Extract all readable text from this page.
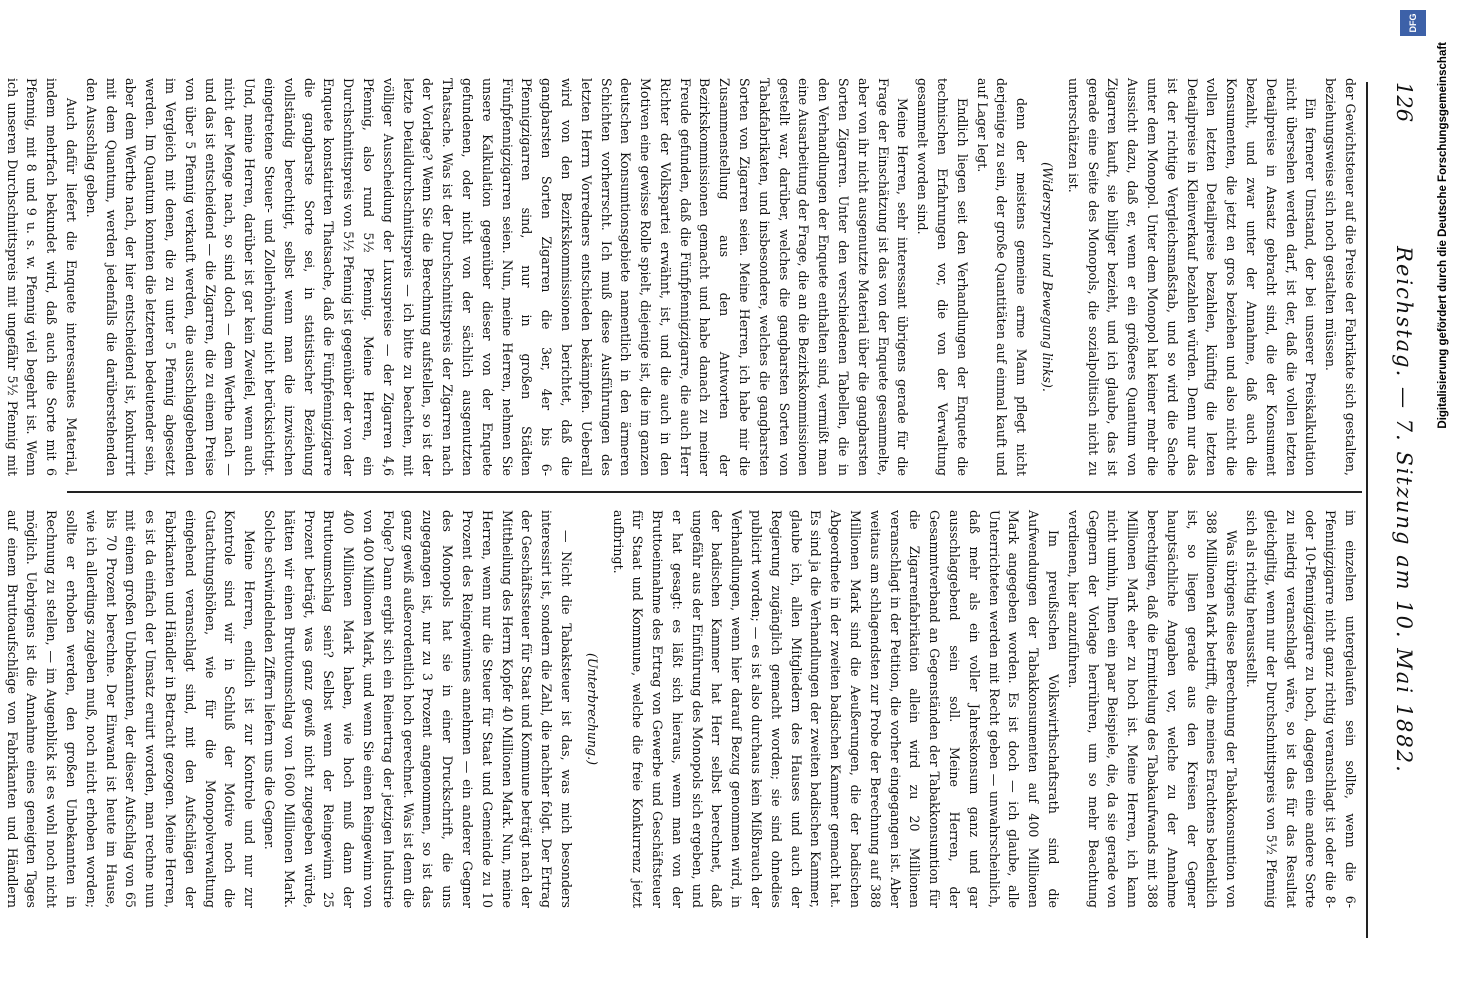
126
Reichstag. — 7. Sitzung am 10. Mai 1882.

der Gewichtsteuer auf die Preise der Fabrikate sich gestalten, beziehungsweise sich noch gestalten müssen.

Ein fernerer Umstand, der bei unserer Preiskalkulation nicht übersehen werden darf, ist der, daß die vollen letzten Detailpreise in Ansatz gebracht sind, die der Konsument bezahlt, und zwar unter der Annahme, daß auch die Konsumenten, die jetzt en gros beziehen und also nicht die vollen letzten Detailpreise bezahlen, künftig die letzten Detailpreise in Kleinverkauf bezahlen würden. Denn nur das ist der richtige Vergleichsmaßstab, und so wird die Sache unter dem Monopol. Unter dem Monopol hat keiner mehr die Aussicht dazu, daß er, wenn er ein größeres Quantum von Zigarren kauft, sie billiger bezieht, und ich glaube, das ist gerade eine Seite des Monopols, die sozialpolitisch nicht zu unterschätzen ist.

(Widerspruch und Bewegung links).

denn der meistens gemeine arme Mann pflegt nicht derjenige zu sein, der große Quantitäten auf einmal kauft und auf Lager legt.

Endlich liegen seit den Verhandlungen der Enquete die technischen Erfahrungen vor, die von der Verwaltung gesammelt worden sind.

Meine Herren, sehr interessant übrigens gerade für die Frage der Einschätzung ist das von der Enquete gesammelte, aber von ihr nicht ausgenutzte Material über die gangbarsten Sorten Zigarren. Unter den verschiedenen Tabellen, die in den Verhandlungen der Enquete enthalten sind, vermißt man eine Ausarbeitung der Frage, die an die Bezirkskommissionen gestellt war, darüber, welches die gangbarsten Sorten von Tabakfabrikaten, und insbesondere, welches die gangbarsten Sorten von Zigarren seien. Meine Herren, ich habe mir die Zusammenstellung aus den Antworten der Bezirkskommissionen gemacht und habe danach zu meiner Freude gefunden, daß die Fünfpfennigzigarre, die auch Herr Richter der Volkspartei erwähnt, ist, und die auch in den Motiven eine gewisse Rolle spielt, diejenige ist, die im ganzen deutschen Konsumtionsgebiete namentlich in den ärmeren Schichten vorherrscht. Ich muß diese Ausführungen des letzten Herrn Vorredners entschieden bekämpfen. Ueberall wird von den Bezirkskommissionen berichtet, daß die gangbarsten Sorten Zigarren die 3er, 4er bis 6-Pfennigzigarren sind, nur in großen Städten Fünfpfennigzigarren seien. Nun, meine Herren, nehmen Sie unsere Kalkulation gegenüber dieser von der Enquete gefundenen, oder nicht von der sächlich ausgenutzten Thatsache. Was ist der Durchschnittspreis der Zigarren nach der Vorlage? Wenn Sie die Berechnung aufstellen, so ist der letzte Detaildurchschnittspreis — ich bitte zu beachten, mit völliger Ausscheidung der Luxuspreise — der Zigarren 4,6 Pfennig, also rund 5½ Pfennig. Meine Herren, ein Durchschnittspreis von 5½ Pfennig ist gegenüber der von der Enquete konstatirten Thatsache, daß die Fünfpfennigzigarre die gangbarste Sorte sei, in statistischer Beziehung vollständig berechtigt, selbst wenn man die inzwischen eingetretene Steuer- und Zollerhöhung nicht berücksichtigt. Und, meine Herren, darüber ist gar kein Zweifel, wenn auch nicht der Menge nach, so sind doch — dem Werthe nach — und das ist entscheidend — die Zigarren, die zu einem Preise von über 5 Pfennig verkauft werden, die ausschlaggebenden im Vergleich mit denen, die zu unter 5 Pfennig abgesetzt werden. Im Quantum konnten die letzteren bedeutender sein, aber dem Werthe nach, der hier entscheidend ist, konkurrirt mit dem Quantum, werden jedenfalls die darüberstehenden den Ausschlag geben.

Auch dafür liefert die Enquete interessantes Material, indem mehrfach bekundet wird, daß auch die Sorte mit 6 Pfennig, mit 8 und 9 u. s. w. Pfennig viel begehrt ist. Wenn ich unseren Durchschnittspreis mit ungefähr 5½ Pfennig mit

im einzelnen untergelaufen sein sollte, wenn die 6-Pfennigzigarre nicht ganz richtig veranschlagt ist oder die 8- oder 10-Pfennigzigarre zu hoch, dagegen eine andere Sorte zu niedrig veranschlagt wäre, so ist das für das Resultat gleichgiltig, wenn nur der Durchschnittspreis von 5½ Pfennig sich als richtig herausstellt.

Was übrigens diese Berechnung der Tabakkonsumtion von 388 Millionen Mark betrifft, die meines Erachtens bedenklich ist, so liegen gerade aus den Kreisen der Gegner hauptsächliche Angaben vor, welche zu der Annahme berechtigen, daß die Ermittelung des Tabakaufwands mit 388 Millionen Mark eher zu hoch ist. Meine Herren, ich kann nicht umhin, Ihnen ein paar Beispiele, die, da sie gerade von Gegnern der Vorlage herrühren, um so mehr Beachtung verdienen, hier anzuführen.

Im preußischen Volkswirthschaftsrath sind die Aufwendungen der Tabakkonsumenten auf 400 Millionen Mark angegeben worden. Es ist doch — ich glaube, alle Unterrichteten werden mit Recht geben — unwahrscheinlich, daß mehr als ein voller Jahreskonsum ganz und gar ausschlaggebend sein soll. Meine Herren, der Gesammtverband an Gegenständen der Tabakkonsumtion für die Zigarrenfabrikation allein wird zu 20 Millionen veranschlagt in der Petition, die vorher eingegangen ist. Aber weitaus am schlagendsten zur Probe der Berechnung auf 388 Millionen Mark sind die Aeußerungen, die der badischen Abgeordnete in der zweiten badischen Kammer gemacht hat. Es sind ja die Verhandlungen der zweiten badischen Kammer, glaube ich, allen Mitgliedern des Hauses und auch der Regierung zugänglich gemacht worden; sie sind ohnedies publicirt worden; — es ist also durchaus kein Mißbrauch der Verhandlungen, wenn hier darauf Bezug genommen wird, in der badischen Kammer hat Herr selbst berechnet, daß ungefähr aus der Einführung des Monopols sich ergeben, und er hat gesagt: es läßt sich hieraus, wenn man von der Bruttoeinnahme des Ertrag von Gewerbe und Geschäftsteuer für Staat und Kommune, welche die freie Konkurrenz jetzt aufbringt.

(Unterbrechung.)

— Nicht die Tabaksteuer ist das, was mich besonders interessirt ist, sondern die Zahl, die nachher folgt. Der Ertrag der Geschäftssteuer für Staat und Kommune beträgt nach der Mittheilung des Herrn Kopfer 40 Millionen Mark. Nun, meine Herren, wenn nur die Steuer für Staat und Gemeinde zu 10 Prozent des Reingewinnes annehmen — ein anderer Gegner des Monopols hat sie in einer Druckschrift, die uns zugegangen ist, nur zu 3 Prozent angenommen, so ist das ganz gewiß außerordentlich hoch gerechnet. Was ist denn die Folge? Dann ergibt sich ein Reinertrag der jetzigen Industrie von 400 Millionen Mark, und wenn Sie einen Reingewinn von 400 Millionen Mark haben, wie hoch muß dann der Bruttoumschlag sein? Selbst wenn der Reingewinn 25 Prozent beträgt, was ganz gewiß nicht zugegeben würde, hätten wir einen Bruttoumschlag von 1600 Millionen Mark. Solche schwindelnden Ziffern liefern uns die Gegner.

Meine Herren, endlich ist zur Kontrole und nur zur Kontrole sind wir in Schluß der Motive noch die Gutachtungshöhen, wie für die Monopolverwaltung eingehend veranschlagt sind, mit den Aufschlägen der Fabrikanten und Händler in Betracht gezogen. Meine Herren, es ist da einfach der Umsatz eruirt worden, man rechne nun mit einem großen Unbekannten, der dieser Aufschlag von 65 bis 70 Prozent berechne. Der Einwand ist heute im Hause, wie ich allerdings zugeben muß, noch nicht erhoben worden; sollte er erhoben werden, den großen Unbekannten in Rechnung zu stellen, — im Augenblick ist es wohl noch nicht möglich. Uebrigens ist die Annahme eines geneigten Tages auf einem Bruttoaufschläge von Fabrikanten und Händlern

Digitalisierung gefördert durch die Deutsche Forschungsgemeinschaft
DFG
